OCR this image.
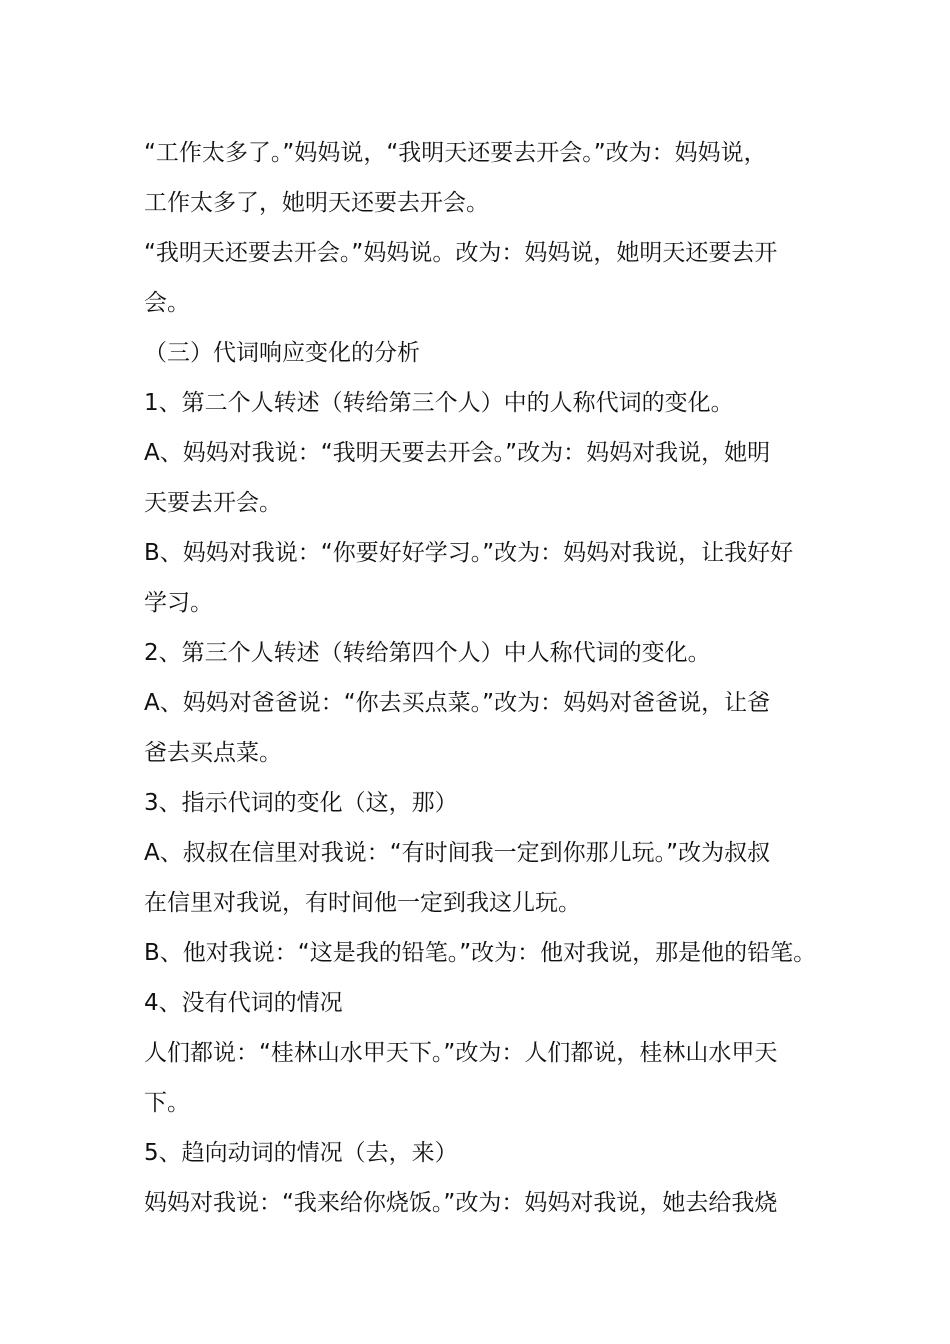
“工作太多了。”妈妈说，“我明天还要去开会。”改为：妈妈说，
工作太多了，她明天还要去开会。
“我明天还要去开会。”妈妈说。改为：妈妈说，她明天还要去开
会。
（三）代词响应变化的分析
1、第二个人转述（转给第三个人）中的人称代词的变化。
A、妈妈对我说：“我明天要去开会。”改为：妈妈对我说，她明
天要去开会。
B、妈妈对我说：“你要好好学习。”改为：妈妈对我说，让我好好
学习。
2、第三个人转述（转给第四个人）中人称代词的变化。
A、妈妈对爸爸说：“你去买点菜。”改为：妈妈对爸爸说，让爸
爸去买点菜。
3、指示代词的变化（这，那）
A、叔叔在信里对我说：“有时间我一定到你那儿玩。”改为叔叔
在信里对我说，有时间他一定到我这儿玩。
B、他对我说：“这是我的铅笔。”改为：他对我说，那是他的铅笔。
4、没有代词的情况
人们都说：“桂林山水甲天下。”改为：人们都说，桂林山水甲天
下。
5、趋向动词的情况（去，来）
妈妈对我说：“我来给你烧饭。”改为：妈妈对我说，她去给我烧
